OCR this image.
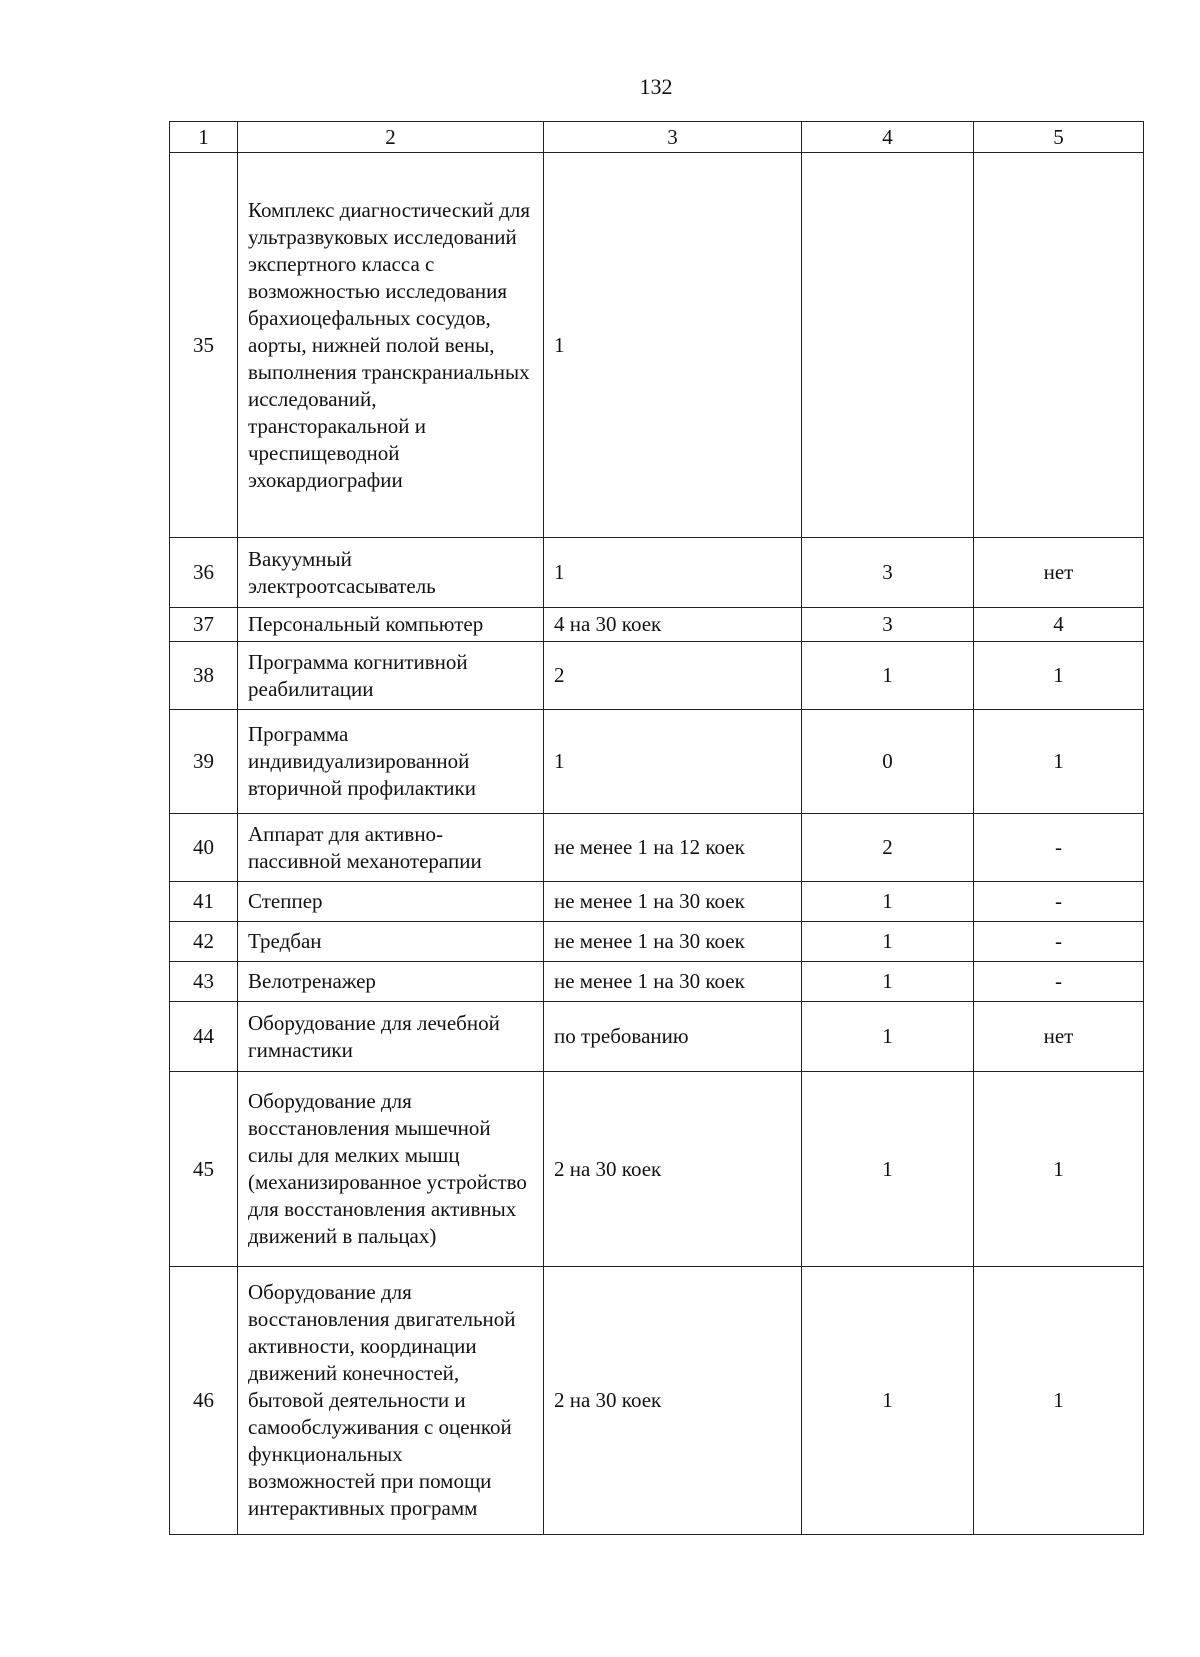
132
1	2	3	4	5
35	Комплекс диагностический для ультразвуковых исследований экспертного класса с возможностью исследования брахиоцефальных сосудов, аорты, нижней полой вены, выполнения транскраниальных исследований, трансторакальной и чреспищеводной эхокардиографии	1		
36	Вакуумный электроотсасыватель	1	3	нет
37	Персональный компьютер	4 на 30 коек	3	4
38	Программа когнитивной реабилитации	2	1	1
39	Программа индивидуализированной вторичной профилактики	1	0	1
40	Аппарат для активно-пассивной механотерапии	не менее 1 на 12 коек	2	-
41	Степпер	не менее 1 на 30 коек	1	-
42	Тредбан	не менее 1 на 30 коек	1	-
43	Велотренажер	не менее 1 на 30 коек	1	-
44	Оборудование для лечебной гимнастики	по требованию	1	нет
45	Оборудование для восстановления мышечной силы для мелких мышц (механизированное устройство для восстановления активных движений в пальцах)	2 на 30 коек	1	1
46	Оборудование для восстановления двигательной активности, координации движений конечностей, бытовой деятельности и самообслуживания с оценкой функциональных возможностей при помощи интерактивных программ	2 на 30 коек	1	1
